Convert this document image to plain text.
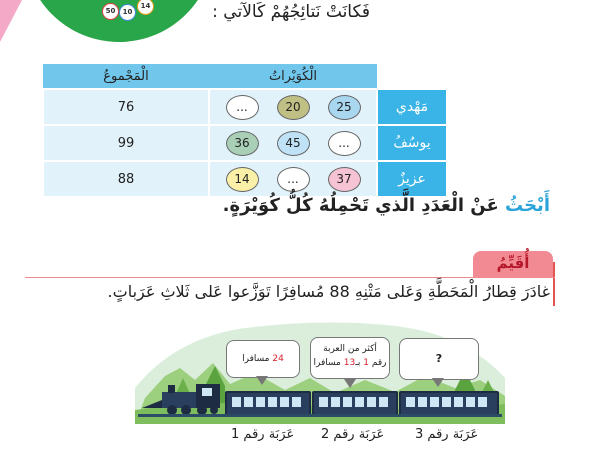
50	10
14	فَكانَتْ نَتائِجُهُمْ كَالآتي :
الْمَجْموعُ	الْكُوَيْراتُ	
76	... 20 25	مَهْدي
99	36 45 ...	يوسُفُ
88	14 ... 37	عزيزٌ
أَبْحَثُ عَنْ الْعَدَدِ الَّذي تَحْمِلُهُ كُلُّ كُوَيْرَةٍ.
أُقَيِّمُ
غادَرَ قِطارُ الْمَحَطَّةِ وَعَلى مَتْنِهِ 88 مُسافِرًا تَوَزَّعوا عَلى ثَلاثِ عَرَباتٍ.
24 مسافرا
أكثر من العربة
رقم 1 بـ13 مسافرا	?
عَرَبَة رقم 3
عَرَبَة رقم 2
عَرَبَة رقم 1
